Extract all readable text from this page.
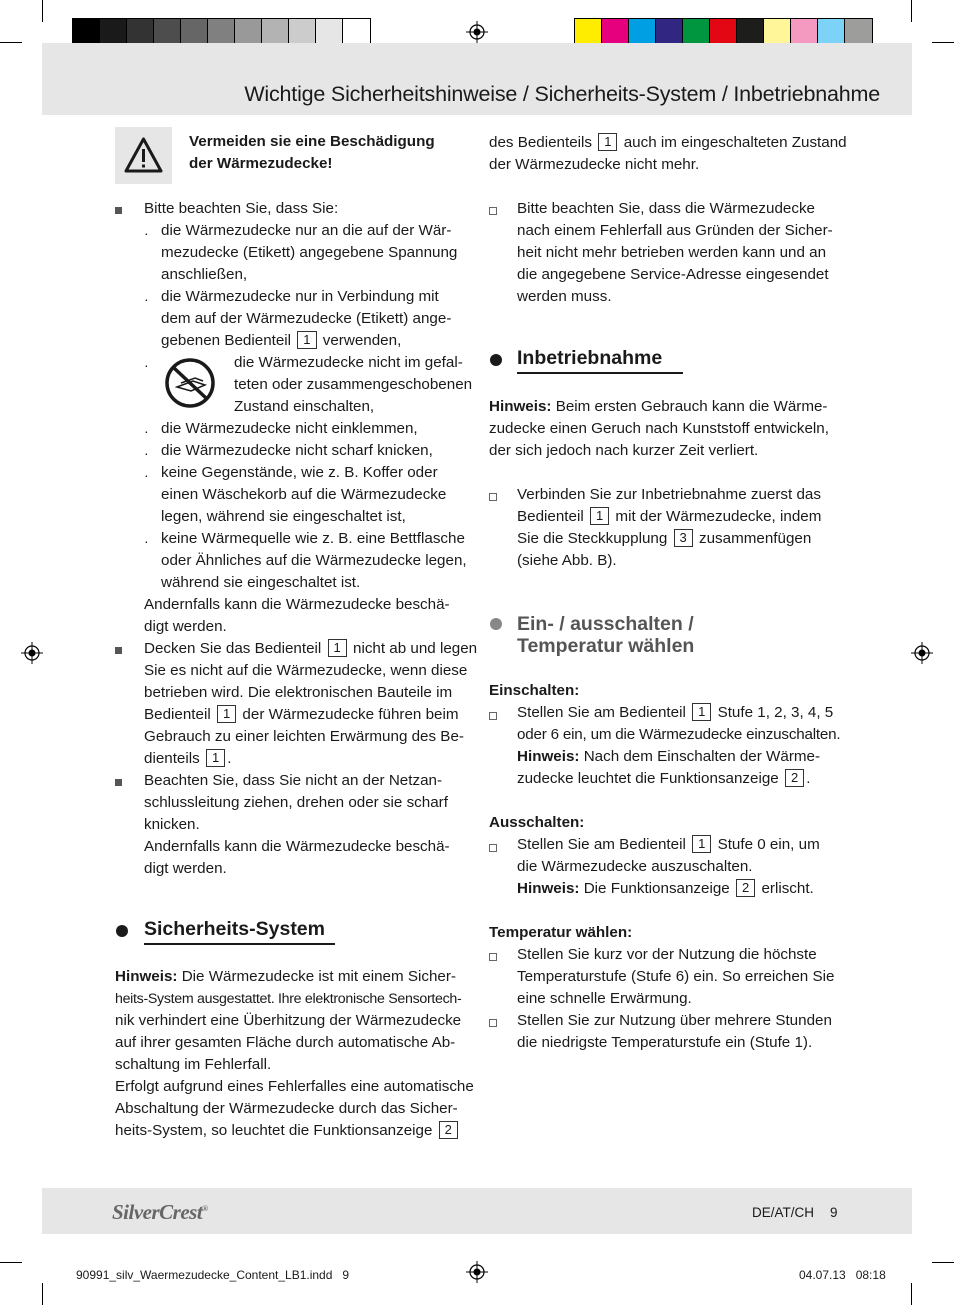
Wichtige Sicherheitshinweise / Sicherheits-System / Inbetriebnahme
Vermeiden sie eine Beschädigung
der Wärmezudecke!
Bitte beachten Sie, dass Sie:
· die Wärmezudecke nur an die auf der Wär-
mezudecke (Etikett) angegebene Spannung
anschließen,
· die Wärmezudecke nur in Verbindung mit
dem auf der Wärmezudecke (Etikett) ange-
gebenen Bedienteil 1 verwenden,
·	die Wärmezudecke nicht im gefal-
teten oder zusammengeschobenen
Zustand einschalten,
· die Wärmezudecke nicht einklemmen,
· die Wärmezudecke nicht scharf knicken,
· keine Gegenstände, wie z. B. Koffer oder
einen Wäschekorb auf die Wärmezudecke
legen, während sie eingeschaltet ist,
· keine Wärmequelle wie z. B. eine Bettflasche
oder Ähnliches auf die Wärmezudecke legen,
während sie eingeschaltet ist.
Andernfalls kann die Wärmezudecke beschä-
digt werden.
Decken Sie das Bedienteil 1 nicht ab und legen
Sie es nicht auf die Wärmezudecke, wenn diese
betrieben wird. Die elektronischen Bauteile im
Bedienteil 1 der Wärmezudecke führen beim
Gebrauch zu einer leichten Erwärmung des Be-
dienteils 1 .
Beachten Sie, dass Sie nicht an der Netzan-
schlussleitung ziehen, drehen oder sie scharf
knicken.
Andernfalls kann die Wärmezudecke beschä-
digt werden.
Sicherheits-System
Hinweis: Die Wärmezudecke ist mit einem Sicher-
heits-System ausgestattet. Ihre elektronische Sensortech-
nik verhindert eine Überhitzung der Wärmezudecke
auf ihrer gesamten Fläche durch automatische Ab-
schaltung im Fehlerfall.
Erfolgt aufgrund eines Fehlerfalles eine automatische
Abschaltung der Wärmezudecke durch das Sicher-
heits-System, so leuchtet die Funktionsanzeige 2
des Bedienteils 1 auch im eingeschalteten Zustand
der Wärmezudecke nicht mehr.
Bitte beachten Sie, dass die Wärmezudecke
nach einem Fehlerfall aus Gründen der Sicher-
heit nicht mehr betrieben werden kann und an
die angegebene Service-Adresse eingesendet
werden muss.
Inbetriebnahme
Hinweis: Beim ersten Gebrauch kann die Wärme-
zudecke einen Geruch nach Kunststoff entwickeln,
der sich jedoch nach kurzer Zeit verliert.
Verbinden Sie zur Inbetriebnahme zuerst das
Bedienteil 1 mit der Wärmezudecke, indem
Sie die Steckkupplung 3 zusammenfügen
(siehe Abb. B).
Ein- / ausschalten /
Temperatur wählen
Einschalten:
Stellen Sie am Bedienteil 1 Stufe 1, 2, 3, 4, 5
oder 6 ein, um die Wärmezudecke einzuschalten.
Hinweis: Nach dem Einschalten der Wärme-
zudecke leuchtet die Funktionsanzeige 2 .
Ausschalten:
Stellen Sie am Bedienteil 1 Stufe 0 ein, um
die Wärmezudecke auszuschalten.
Hinweis: Die Funktionsanzeige 2 erlischt.
Temperatur wählen:
Stellen Sie kurz vor der Nutzung die höchste
Temperaturstufe (Stufe 6) ein. So erreichen Sie
eine schnelle Erwärmung.
Stellen Sie zur Nutzung über mehrere Stunden
die niedrigste Temperaturstufe ein (Stufe 1).
SilverCrest®	DE/AT/CH 9
90991_silv_Waermezudecke_Content_LB1.indd   9	04.07.13   08:18
